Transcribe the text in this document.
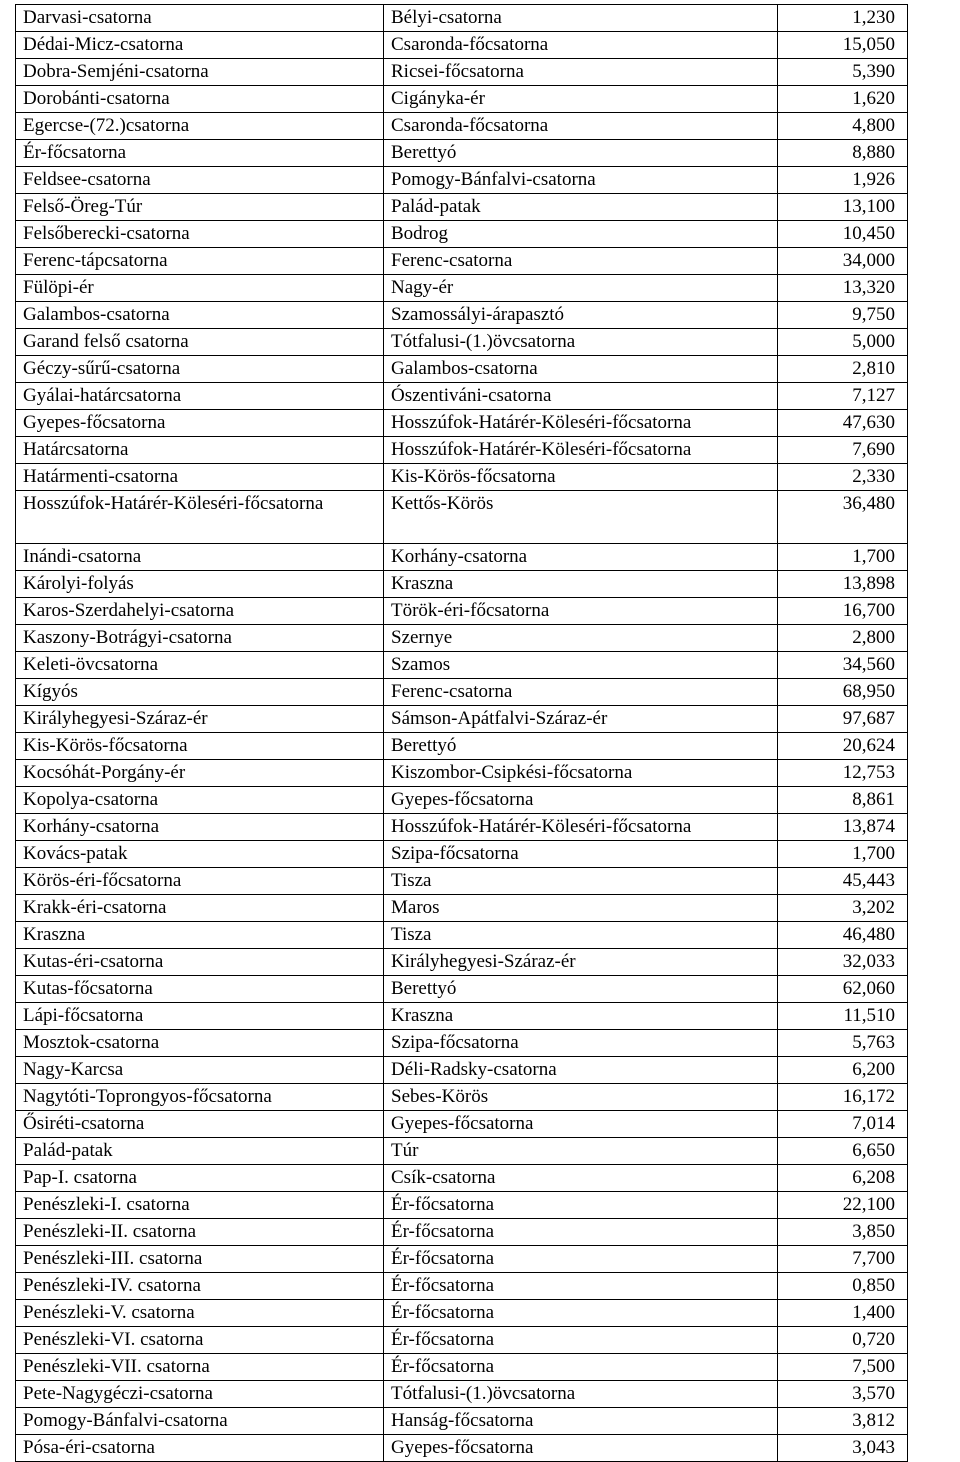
Darvasi-csatorna	Bélyi-csatorna	1,230
Dédai-Micz-csatorna	Csaronda-főcsatorna	15,050
Dobra-Semjéni-csatorna	Ricsei-főcsatorna	5,390
Dorobánti-csatorna	Cigányka-ér	1,620
Egercse-(72.)csatorna	Csaronda-főcsatorna	4,800
Ér-főcsatorna	Berettyó	8,880
Feldsee-csatorna	Pomogy-Bánfalvi-csatorna	1,926
Felső-Öreg-Túr	Palád-patak	13,100
Felsőberecki-csatorna	Bodrog	10,450
Ferenc-tápcsatorna	Ferenc-csatorna	34,000
Fülöpi-ér	Nagy-ér	13,320
Galambos-csatorna	Szamossályi-árapasztó	9,750
Garand felső csatorna	Tótfalusi-(1.)övcsatorna	5,000
Géczy-sűrű-csatorna	Galambos-csatorna	2,810
Gyálai-határcsatorna	Ószentiváni-csatorna	7,127
Gyepes-főcsatorna	Hosszúfok-Határér-Köleséri-főcsatorna	47,630
Határcsatorna	Hosszúfok-Határér-Köleséri-főcsatorna	7,690
Határmenti-csatorna	Kis-Körös-főcsatorna	2,330
Hosszúfok-Határér-Köleséri-főcsatorna	Kettős-Körös	36,480
Inándi-csatorna	Korhány-csatorna	1,700
Károlyi-folyás	Kraszna	13,898
Karos-Szerdahelyi-csatorna	Török-éri-főcsatorna	16,700
Kaszony-Botrágyi-csatorna	Szernye	2,800
Keleti-övcsatorna	Szamos	34,560
Kígyós	Ferenc-csatorna	68,950
Királyhegyesi-Száraz-ér	Sámson-Apátfalvi-Száraz-ér	97,687
Kis-Körös-főcsatorna	Berettyó	20,624
Kocsóhát-Porgány-ér	Kiszombor-Csipkési-főcsatorna	12,753
Kopolya-csatorna	Gyepes-főcsatorna	8,861
Korhány-csatorna	Hosszúfok-Határér-Köleséri-főcsatorna	13,874
Kovács-patak	Szipa-főcsatorna	1,700
Körös-éri-főcsatorna	Tisza	45,443
Krakk-éri-csatorna	Maros	3,202
Kraszna	Tisza	46,480
Kutas-éri-csatorna	Királyhegyesi-Száraz-ér	32,033
Kutas-főcsatorna	Berettyó	62,060
Lápi-főcsatorna	Kraszna	11,510
Mosztok-csatorna	Szipa-főcsatorna	5,763
Nagy-Karcsa	Déli-Radsky-csatorna	6,200
Nagytóti-Toprongyos-főcsatorna	Sebes-Körös	16,172
Ősiréti-csatorna	Gyepes-főcsatorna	7,014
Palád-patak	Túr	6,650
Pap-I. csatorna	Csík-csatorna	6,208
Penészleki-I. csatorna	Ér-főcsatorna	22,100
Penészleki-II. csatorna	Ér-főcsatorna	3,850
Penészleki-III. csatorna	Ér-főcsatorna	7,700
Penészleki-IV. csatorna	Ér-főcsatorna	0,850
Penészleki-V. csatorna	Ér-főcsatorna	1,400
Penészleki-VI. csatorna	Ér-főcsatorna	0,720
Penészleki-VII. csatorna	Ér-főcsatorna	7,500
Pete-Nagygéczi-csatorna	Tótfalusi-(1.)övcsatorna	3,570
Pomogy-Bánfalvi-csatorna	Hanság-főcsatorna	3,812
Pósa-éri-csatorna	Gyepes-főcsatorna	3,043
